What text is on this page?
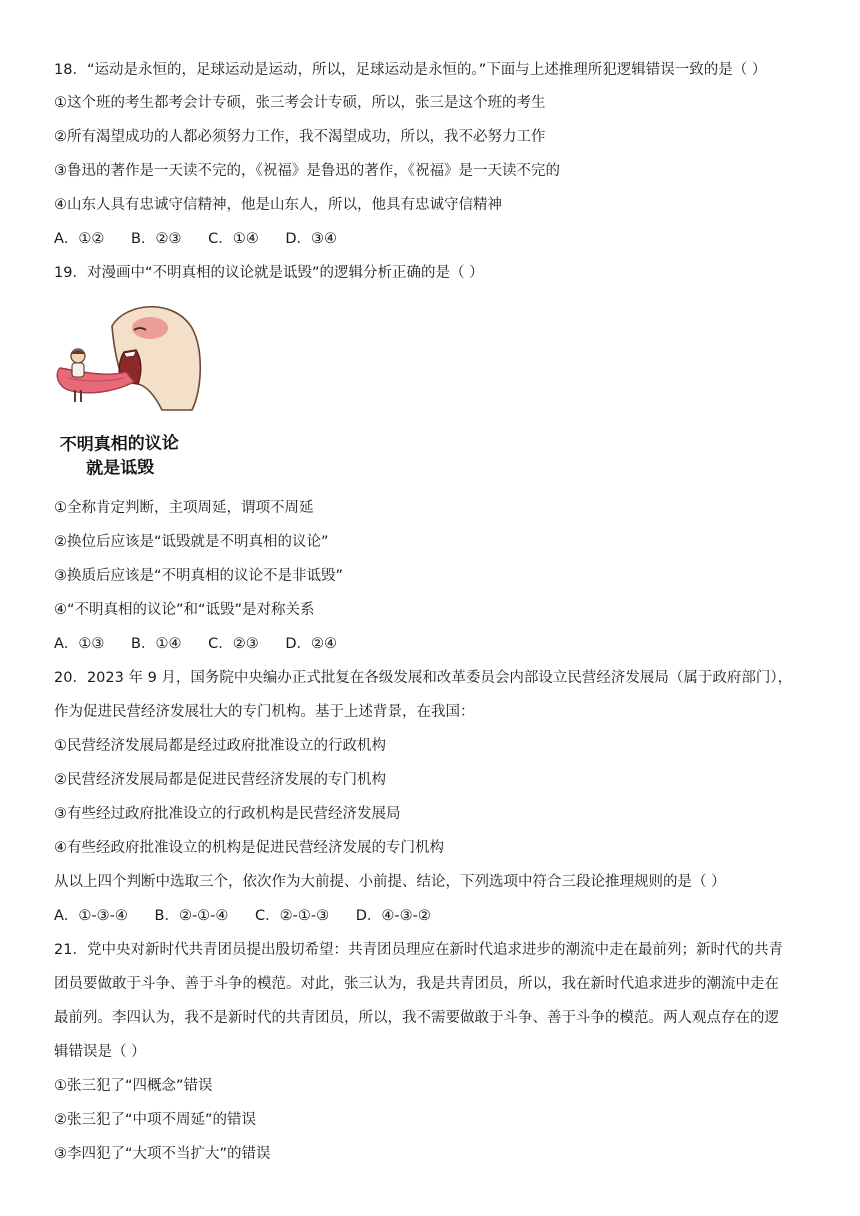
18．“运动是永恒的，足球运动是运动，所以，足球运动是永恒的。”下面与上述推理所犯逻辑错误一致的是（ ）
①这个班的考生都考会计专硕，张三考会计专硕，所以，张三是这个班的考生
②所有渴望成功的人都必须努力工作，我不渴望成功，所以，我不必努力工作
③鲁迅的著作是一天读不完的，《祝福》是鲁迅的著作，《祝福》是一天读不完的
④山东人具有忠诚守信精神，他是山东人，所以，他具有忠诚守信精神
A．①② B．②③ C．①④ D．③④
19．对漫画中“不明真相的议论就是诋毁”的逻辑分析正确的是（ ）
不明真相的议论
就是诋毁
①全称肯定判断，主项周延，谓项不周延
②换位后应该是“诋毁就是不明真相的议论”
③换质后应该是“不明真相的议论不是非诋毁”
④“不明真相的议论”和“诋毁”是对称关系
A．①③ B．①④ C．②③ D．②④
20．2023 年 9 月，国务院中央编办正式批复在各级发展和改革委员会内部设立民营经济发展局（属于政府部门），
作为促进民营经济发展壮大的专门机构。基于上述背景，在我国：
①民营经济发展局都是经过政府批准设立的行政机构
②民营经济发展局都是促进民营经济发展的专门机构
③有些经过政府批准设立的行政机构是民营经济发展局
④有些经政府批准设立的机构是促进民营经济发展的专门机构
从以上四个判断中选取三个，依次作为大前提、小前提、结论，下列选项中符合三段论推理规则的是（ ）
A．①-③-④ B．②-①-④ C．②-①-③ D．④-③-②
21．党中央对新时代共青团员提出殷切希望：共青团员理应在新时代追求进步的潮流中走在最前列；新时代的共青
团员要做敢于斗争、善于斗争的模范。对此，张三认为，我是共青团员，所以，我在新时代追求进步的潮流中走在
最前列。李四认为，我不是新时代的共青团员，所以，我不需要做敢于斗争、善于斗争的模范。两人观点存在的逻
辑错误是（ ）
①张三犯了“四概念”错误
②张三犯了“中项不周延”的错误
③李四犯了“大项不当扩大”的错误
